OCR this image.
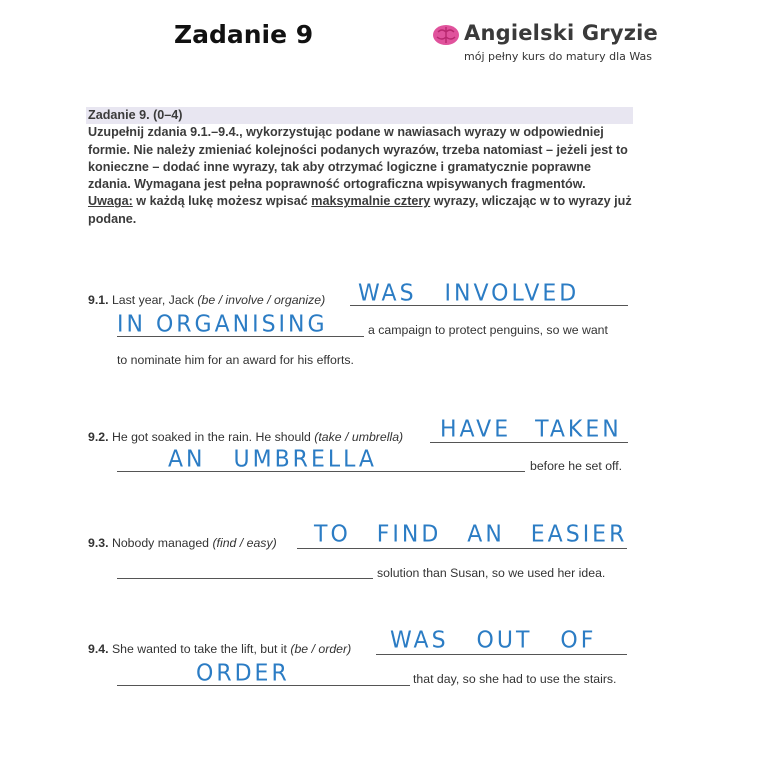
Zadanie 9	Angielski Gryzie
mój pełny kurs do matury dla Was
Zadanie 9. (0–4)
Uzupełnij zdania 9.1.–9.4., wykorzystując podane w nawiasach wyrazy w odpowiedniej formie. Nie należy zmieniać kolejności podanych wyrazów, trzeba natomiast – jeżeli jest to konieczne – dodać inne wyrazy, tak aby otrzymać logiczne i gramatycznie poprawne zdania. Wymagana jest pełna poprawność ortograficzna wpisywanych fragmentów.
Uwaga: w każdą lukę możesz wpisać maksymalnie cztery wyrazy, wliczając w to wyrazy już podane.
9.1. Last year, Jack (be / involve / organize) WAS INVOLVED
IN ORGANISING	a campaign to protect penguins, so we want
to nominate him for an award for his efforts.
9.2. He got soaked in the rain. He should (take / umbrella) HAVE TAKEN
AN UMBRELLA	before he set off.
9.3. Nobody managed (find / easy) TO FIND AN EASIER
solution than Susan, so we used her idea.
9.4. She wanted to take the lift, but it (be / order) WAS OUT OF
ORDER	that day, so she had to use the stairs.
